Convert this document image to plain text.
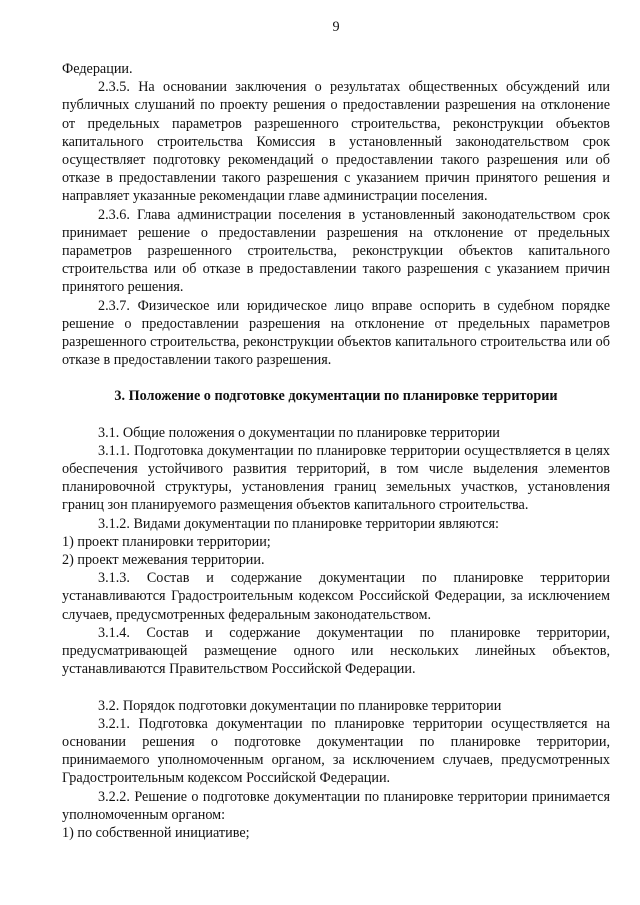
9

Федерации.

2.3.5. На основании заключения о результатах общественных обсуждений или публичных слушаний по проекту решения о предоставлении разрешения на отклонение от предельных параметров разрешенного строительства, реконструкции объектов капитального строительства Комиссия в установленный законодательством срок осуществляет подготовку рекомендаций о предоставлении такого разрешения или об отказе в предоставлении такого разрешения с указанием причин принятого решения и направляет указанные рекомендации главе администрации поселения.

2.3.6. Глава администрации поселения в установленный законодательством срок принимает решение о предоставлении разрешения на отклонение от предельных параметров разрешенного строительства, реконструкции объектов капитального строительства или об отказе в предоставлении такого разрешения с указанием причин принятого решения.

2.3.7. Физическое или юридическое лицо вправе оспорить в судебном порядке решение о предоставлении разрешения на отклонение от предельных параметров разрешенного строительства, реконструкции объектов капитального строительства или об отказе в предоставлении такого разрешения.

3. Положение о подготовке документации по планировке территории

3.1. Общие положения о документации по планировке территории

3.1.1. Подготовка документации по планировке территории осуществляется в целях обеспечения устойчивого развития территорий, в том числе выделения элементов планировочной структуры, установления границ земельных участков, установления границ зон планируемого размещения объектов капитального строительства.

3.1.2. Видами документации по планировке территории являются:

1) проект планировки территории;

2) проект межевания территории.

3.1.3. Состав и содержание документации по планировке территории устанавливаются Градостроительным кодексом Российской Федерации, за исключением случаев, предусмотренных федеральным законодательством.

3.1.4. Состав и содержание документации по планировке территории, предусматривающей размещение одного или нескольких линейных объектов, устанавливаются Правительством Российской Федерации.

3.2. Порядок подготовки документации по планировке территории

3.2.1. Подготовка документации по планировке территории осуществляется на основании решения о подготовке документации по планировке территории, принимаемого уполномоченным органом, за исключением случаев, предусмотренных Градостроительным кодексом Российской Федерации.

3.2.2. Решение о подготовке документации по планировке территории принимается уполномоченным органом:

1) по собственной инициативе;
